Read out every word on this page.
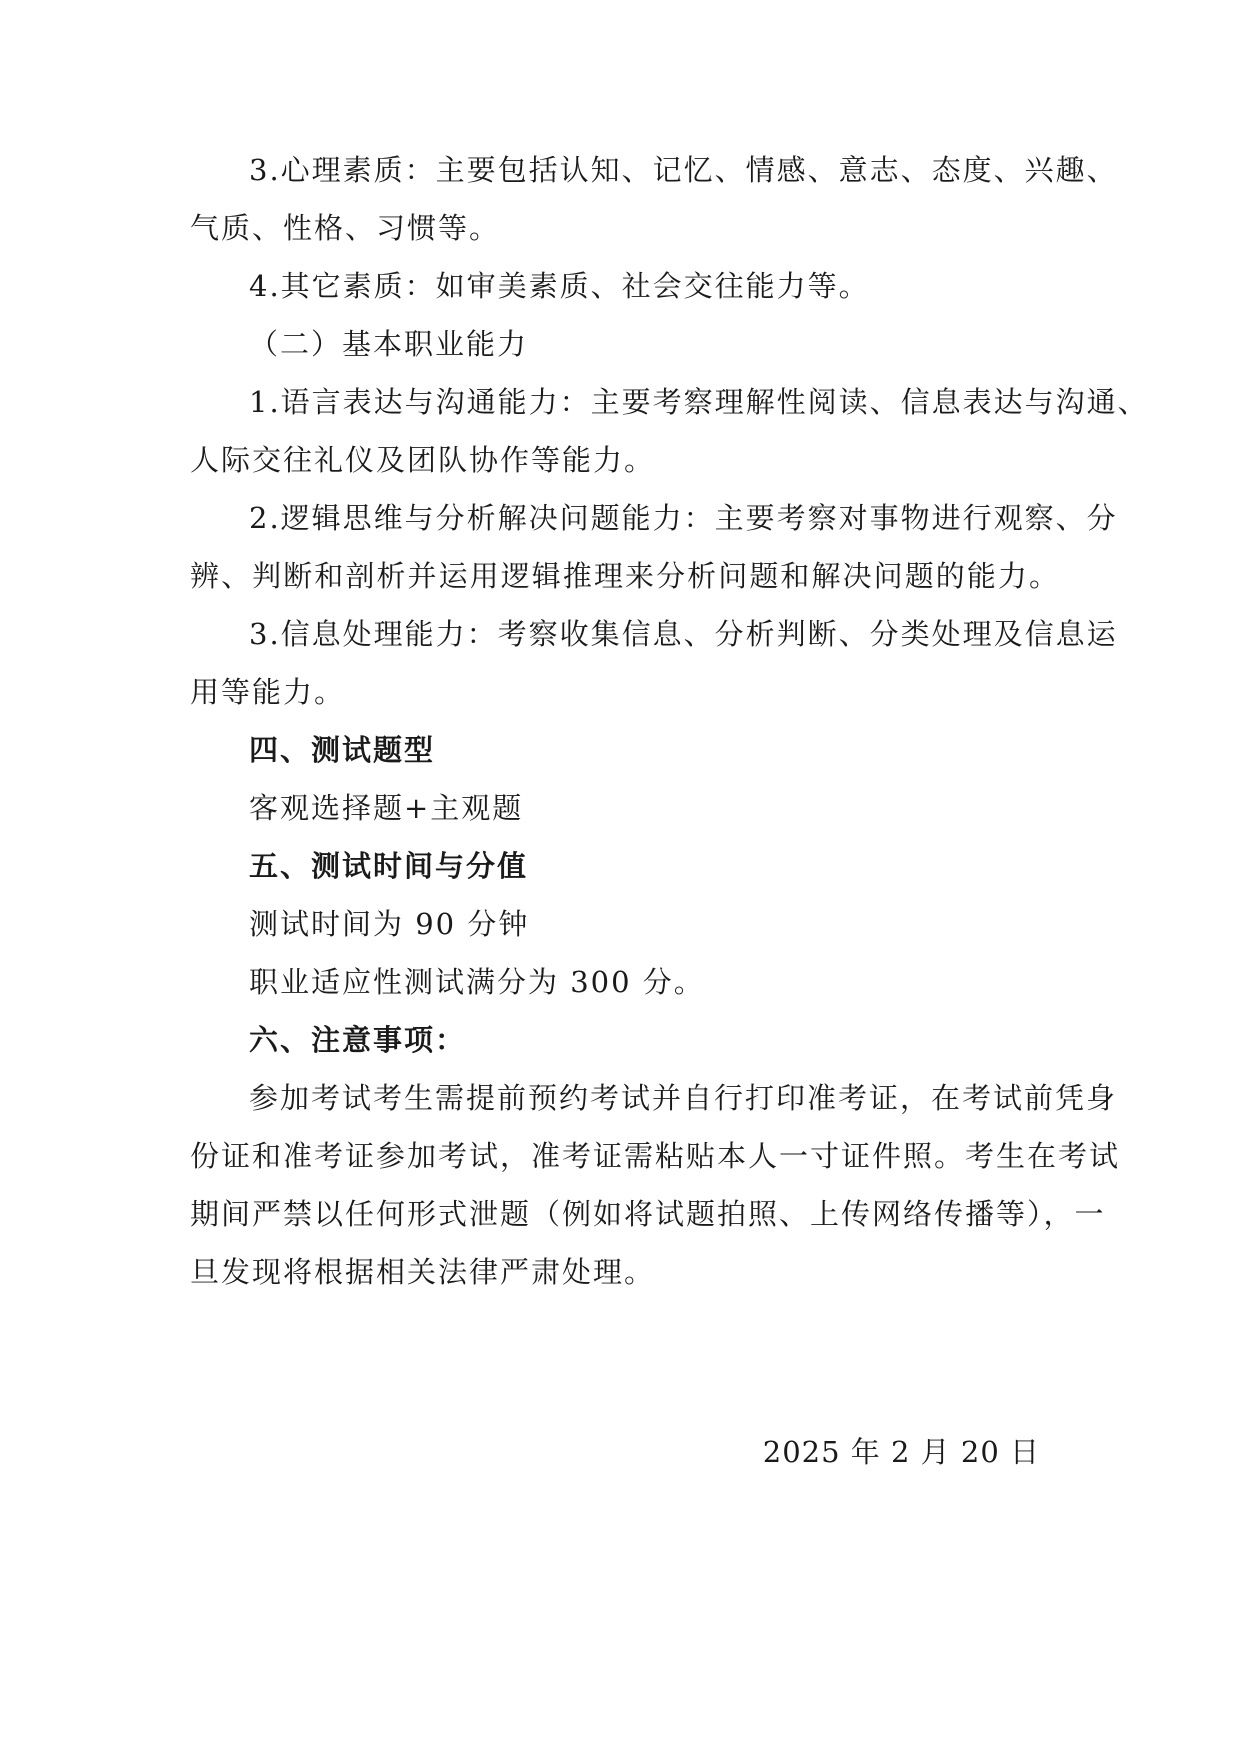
3.心理素质：主要包括认知、记忆、情感、意志、态度、兴趣、
气质、性格、习惯等。
4.其它素质：如审美素质、社会交往能力等。
（二）基本职业能力
1.语言表达与沟通能力：主要考察理解性阅读、信息表达与沟通、
人际交往礼仪及团队协作等能力。
2.逻辑思维与分析解决问题能力：主要考察对事物进行观察、分
辨、判断和剖析并运用逻辑推理来分析问题和解决问题的能力。
3.信息处理能力：考察收集信息、分析判断、分类处理及信息运
用等能力。
四、测试题型
客观选择题+主观题
五、测试时间与分值
测试时间为 90 分钟
职业适应性测试满分为 300 分。
六、注意事项：
参加考试考生需提前预约考试并自行打印准考证，在考试前凭身
份证和准考证参加考试，准考证需粘贴本人一寸证件照。考生在考试
期间严禁以任何形式泄题（例如将试题拍照、上传网络传播等），一
旦发现将根据相关法律严肃处理。
2025 年 2 月 20 日
